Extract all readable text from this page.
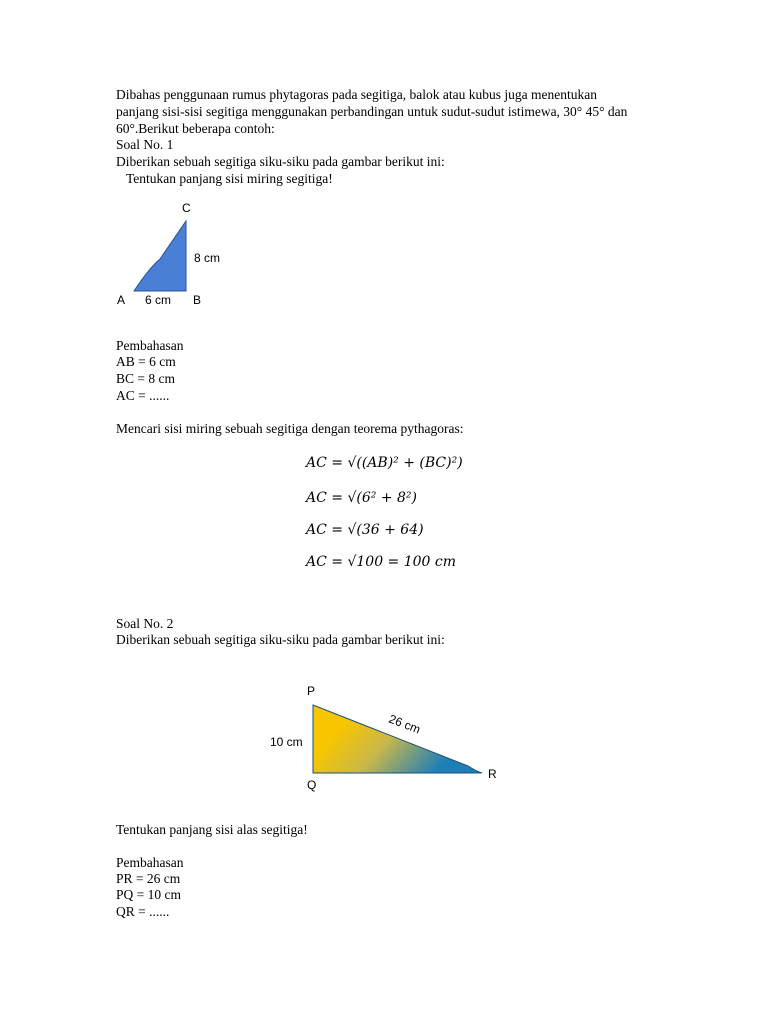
Dibahas penggunaan rumus phytagoras pada segitiga, balok atau kubus juga menentukan
panjang sisi-sisi segitiga menggunakan perbandingan untuk sudut-sudut istimewa, 30° 45° dan
60°.Berikut beberapa contoh:
Soal No. 1
Diberikan sebuah segitiga siku-siku pada gambar berikut ini:
Tentukan panjang sisi miring segitiga!
C
8 cm
A 6 cm B
Pembahasan
AB = 6 cm
BC = 8 cm
AC = ......
Mencari sisi miring sebuah segitiga dengan teorema pythagoras:
AC = √((AB)² + (BC)²)
AC = √(6² + 8²)
AC = √(36 + 64)
AC = √100 = 100 cm
Soal No. 2
Diberikan sebuah segitiga siku-siku pada gambar berikut ini:
P
10 cm
26 cm
R
Q
Tentukan panjang sisi alas segitiga!
Pembahasan
PR = 26 cm
PQ = 10 cm
QR = ......
